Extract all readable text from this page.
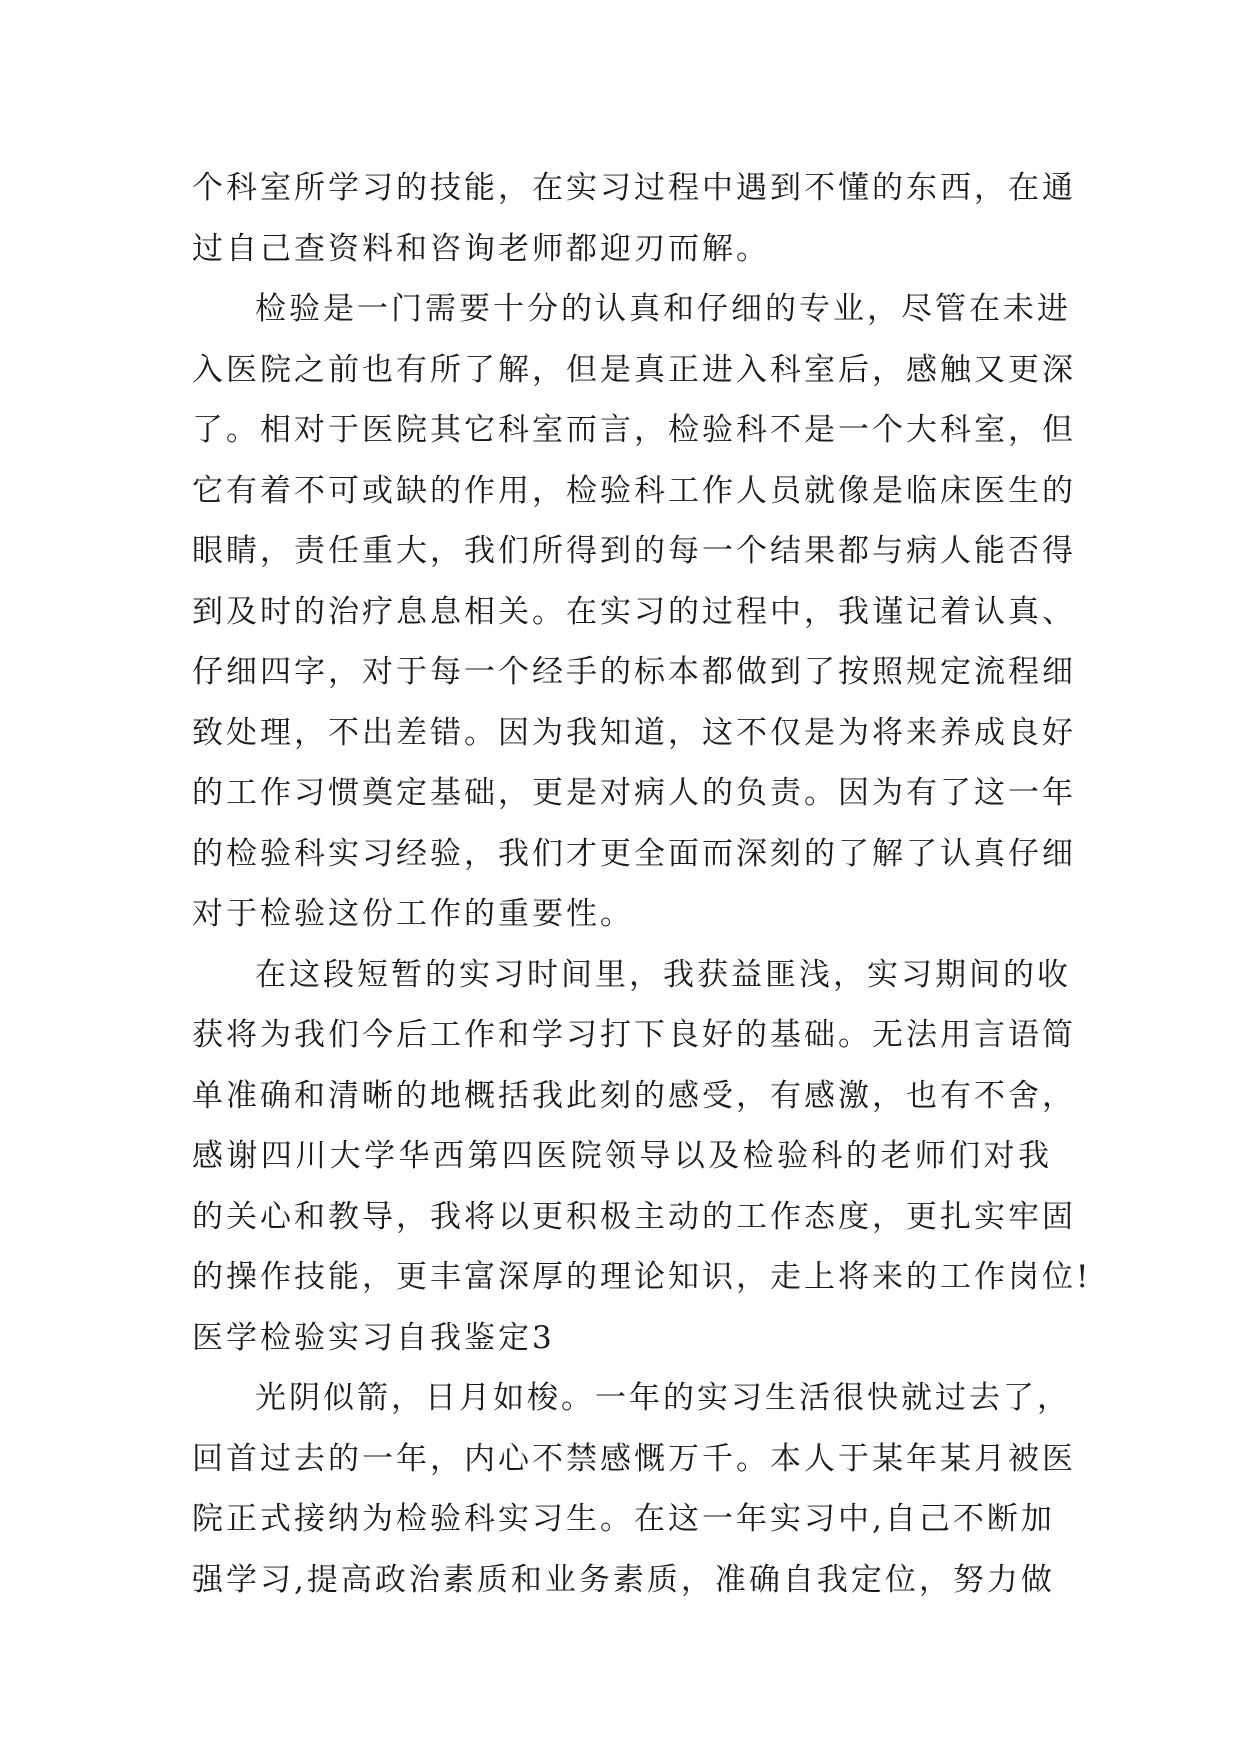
个科室所学习的技能，在实习过程中遇到不懂的东西，在通
过自己查资料和咨询老师都迎刃而解。
检验是一门需要十分的认真和仔细的专业，尽管在未进
入医院之前也有所了解，但是真正进入科室后，感触又更深
了。相对于医院其它科室而言，检验科不是一个大科室，但
它有着不可或缺的作用，检验科工作人员就像是临床医生的
眼睛，责任重大，我们所得到的每一个结果都与病人能否得
到及时的治疗息息相关。在实习的过程中，我谨记着认真、
仔细四字，对于每一个经手的标本都做到了按照规定流程细
致处理，不出差错。因为我知道，这不仅是为将来养成良好
的工作习惯奠定基础，更是对病人的负责。因为有了这一年
的检验科实习经验，我们才更全面而深刻的了解了认真仔细
对于检验这份工作的重要性。
在这段短暂的实习时间里，我获益匪浅，实习期间的收
获将为我们今后工作和学习打下良好的基础。无法用言语简
单准确和清晰的地概括我此刻的感受，有感激，也有不舍，
感谢四川大学华西第四医院领导以及检验科的老师们对我
的关心和教导，我将以更积极主动的工作态度，更扎实牢固
的操作技能，更丰富深厚的理论知识，走上将来的工作岗位!
医学检验实习自我鉴定3
光阴似箭，日月如梭。一年的实习生活很快就过去了，
回首过去的一年，内心不禁感慨万千。本人于某年某月被医
院正式接纳为检验科实习生。在这一年实习中,自己不断加
强学习,提高政治素质和业务素质，准确自我定位，努力做
